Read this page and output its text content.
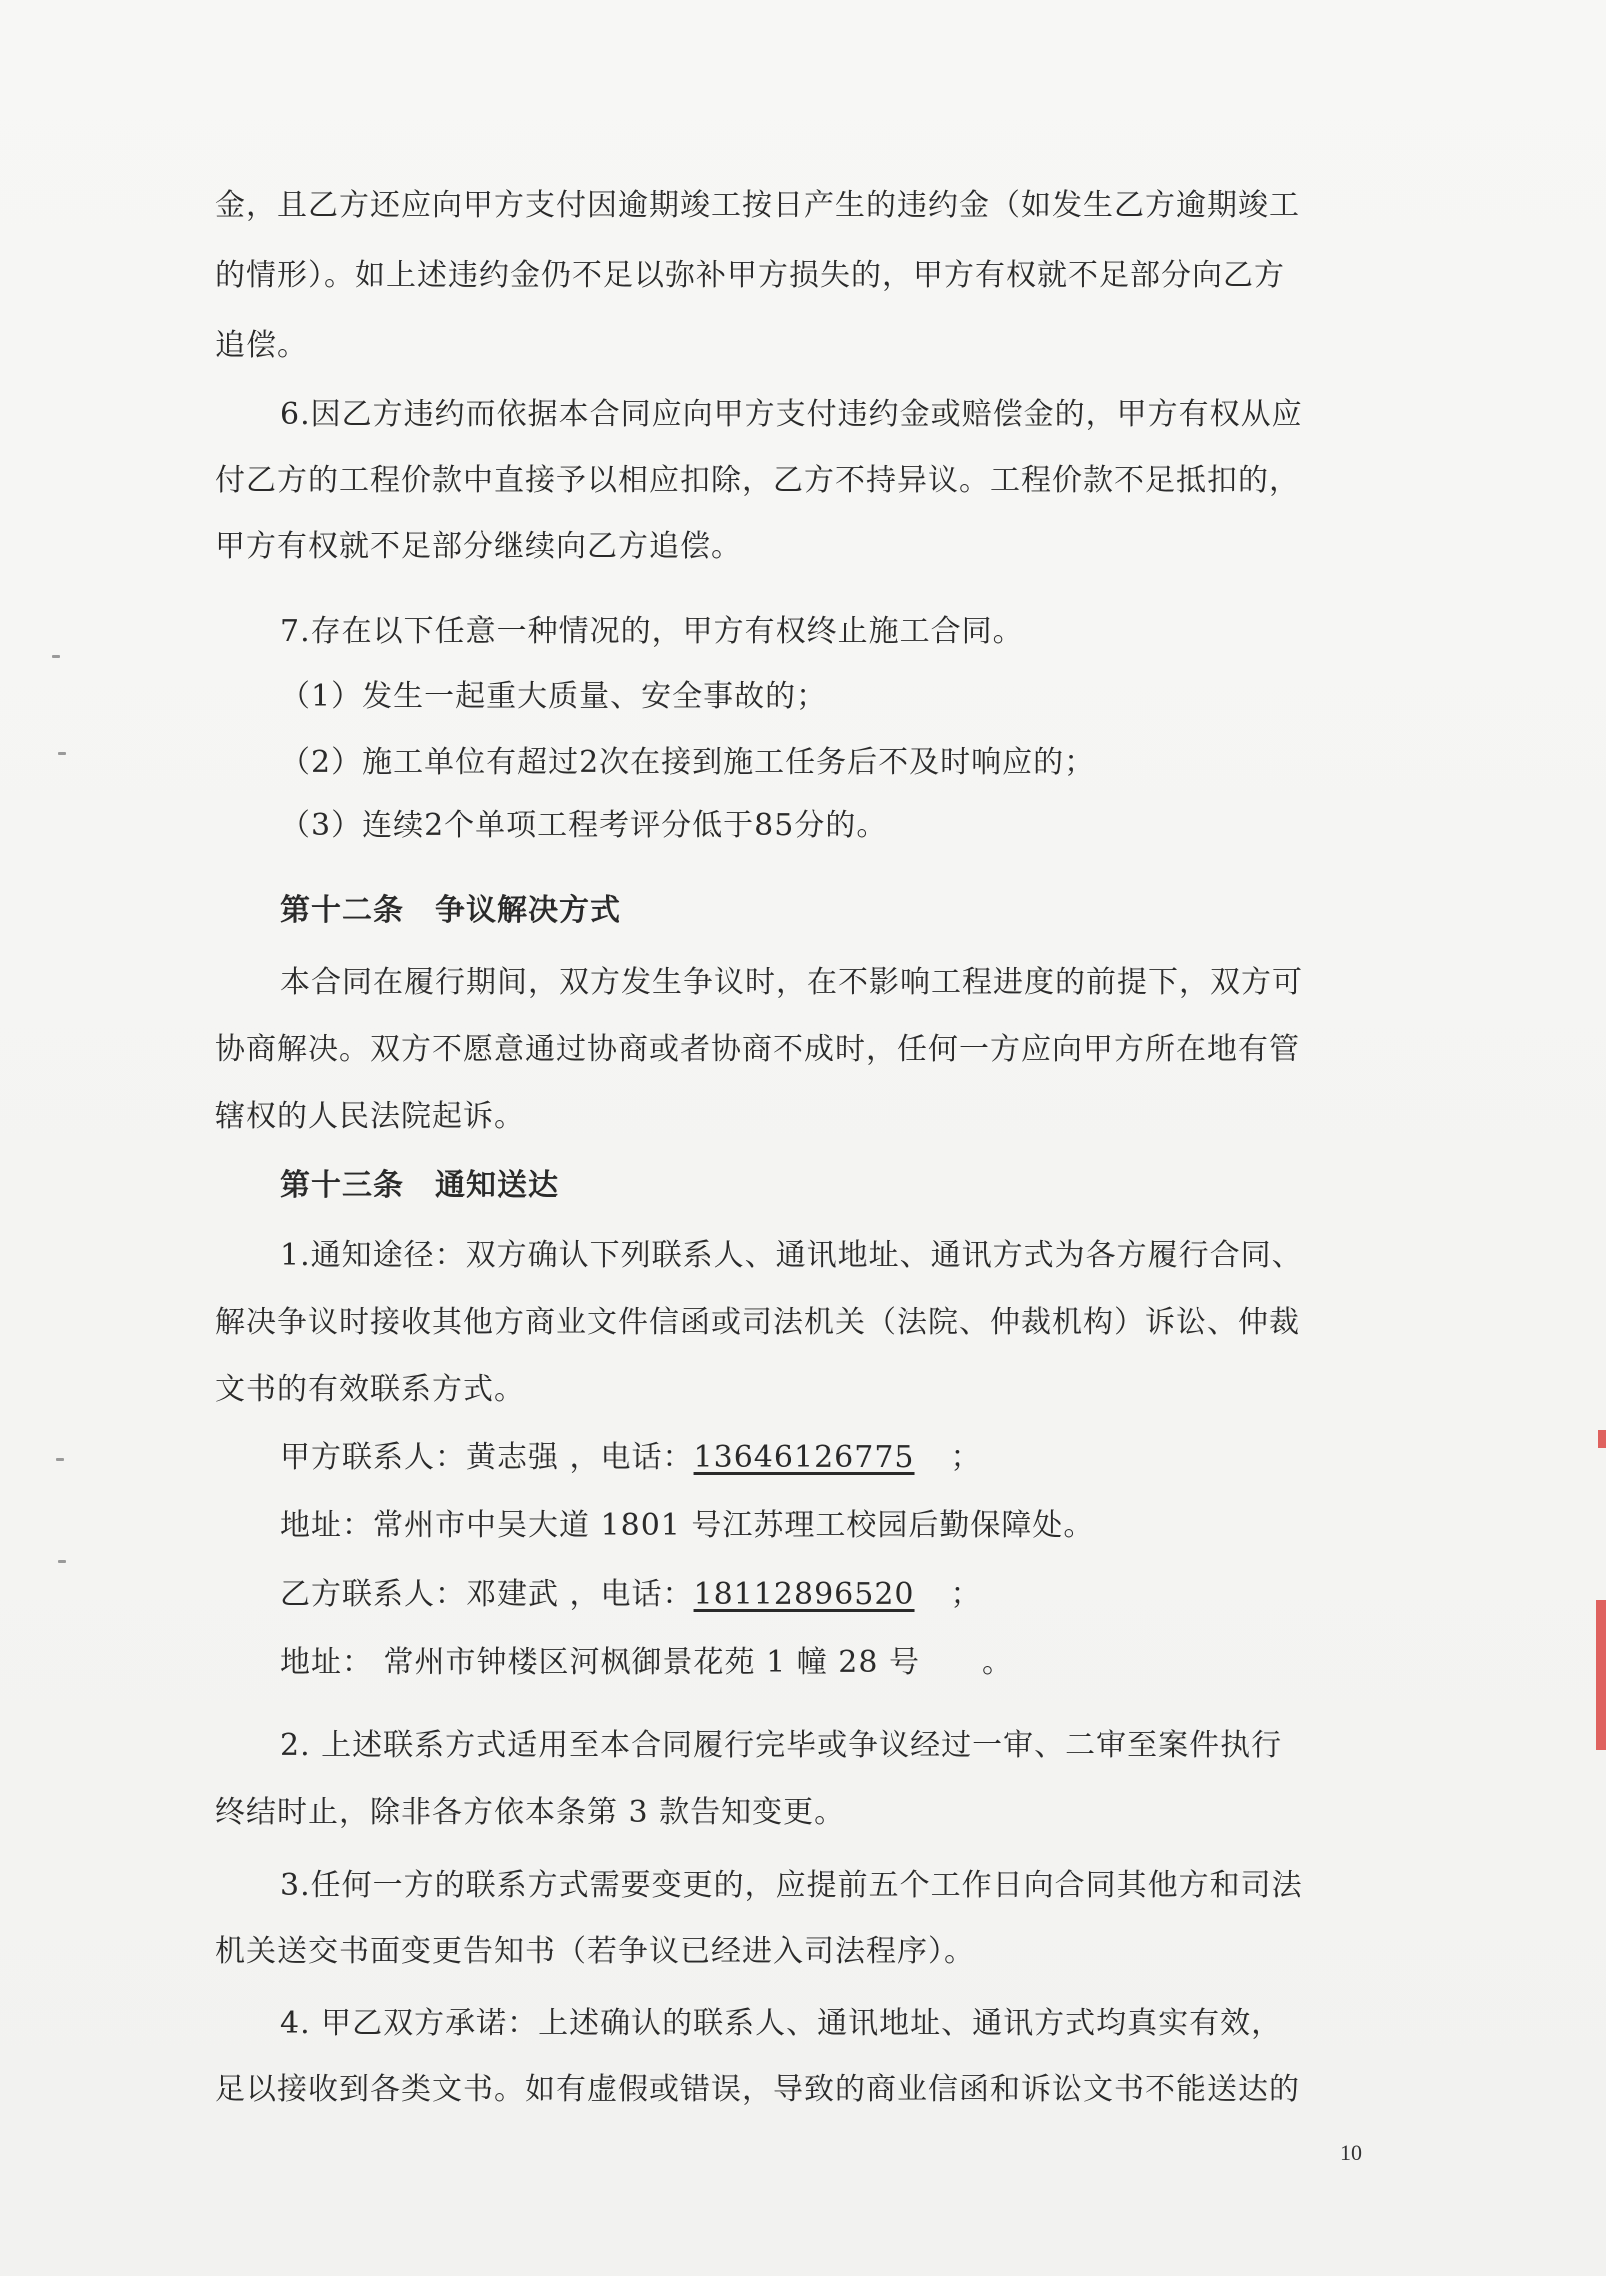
金，且乙方还应向甲方支付因逾期竣工按日产生的违约金（如发生乙方逾期竣工
的情形）。如上述违约金仍不足以弥补甲方损失的，甲方有权就不足部分向乙方
追偿。
6.因乙方违约而依据本合同应向甲方支付违约金或赔偿金的，甲方有权从应
付乙方的工程价款中直接予以相应扣除，乙方不持异议。工程价款不足抵扣的，
甲方有权就不足部分继续向乙方追偿。
7.存在以下任意一种情况的，甲方有权终止施工合同。
（1）发生一起重大质量、安全事故的；
（2）施工单位有超过2次在接到施工任务后不及时响应的；
（3）连续2个单项工程考评分低于85分的。
第十二条　争议解决方式
本合同在履行期间，双方发生争议时，在不影响工程进度的前提下，双方可
协商解决。双方不愿意通过协商或者协商不成时，任何一方应向甲方所在地有管
辖权的人民法院起诉。
第十三条　通知送达
1.通知途径：双方确认下列联系人、通讯地址、通讯方式为各方履行合同、
解决争议时接收其他方商业文件信函或司法机关（法院、仲裁机构）诉讼、仲裁
文书的有效联系方式。
甲方联系人：黄志强 ，电话：13646126775 ；
地址：常州市中吴大道 1801 号江苏理工校园后勤保障处。
乙方联系人：邓建武 ，电话：18112896520 ；
地址： 常州市钟楼区河枫御景花苑 1 幢 28 号　　。
2. 上述联系方式适用至本合同履行完毕或争议经过一审、二审至案件执行
终结时止，除非各方依本条第 3 款告知变更。
3.任何一方的联系方式需要变更的，应提前五个工作日向合同其他方和司法
机关送交书面变更告知书（若争议已经进入司法程序）。
4. 甲乙双方承诺：上述确认的联系人、通讯地址、通讯方式均真实有效，
足以接收到各类文书。如有虚假或错误，导致的商业信函和诉讼文书不能送达的
10
